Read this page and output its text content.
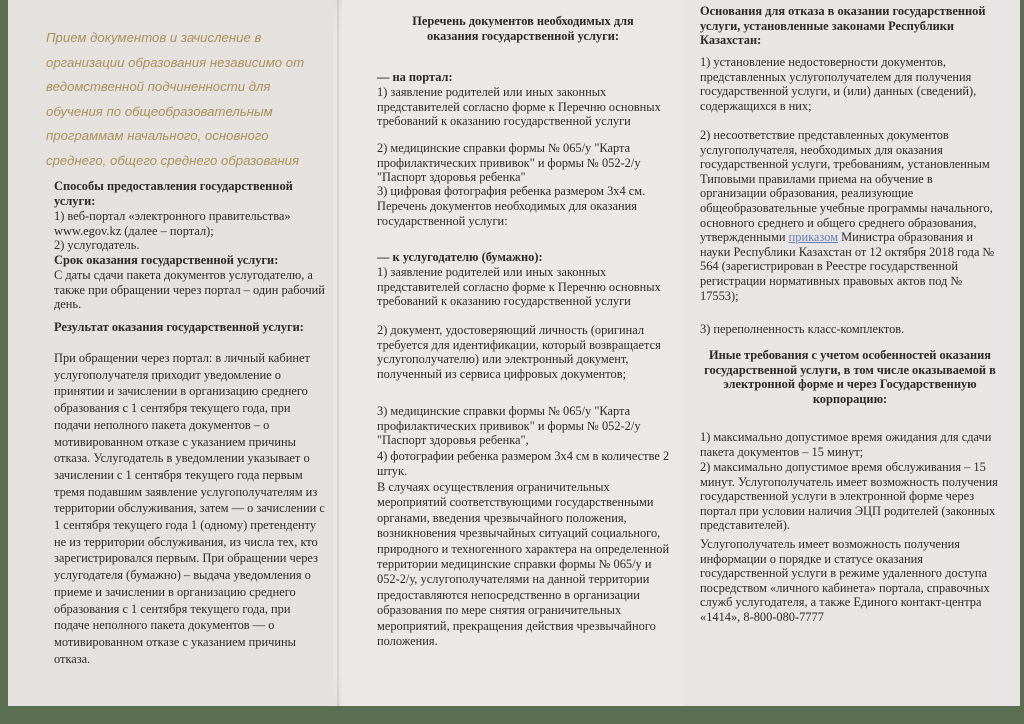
Прием документов и зачисление в организации образования независимо от ведомственной подчиненности для обучения по общеобразовательным программам начального, основного среднего, общего среднего образования
Способы предоставления государственной услуги:
1) веб-портал «электронного правительства» www.egov.kz (далее – портал);
2) услугодатель.
Срок оказания государственной услуги:
С даты сдачи пакета документов услугодателю, а также при обращении через портал – один рабочий день.
Результат оказания государственной услуги:
При обращении через портал: в личный кабинет услугополучателя приходит уведомление о принятии и зачислении в организацию среднего образования с 1 сентября текущего года, при подачи неполного пакета документов – о мотивированном отказе с указанием причины отказа. Услугодатель в уведомлении указывает о зачислении с 1 сентября текущего года первым тремя подавшим заявление услугополучателям из территории обслуживания, затем — о зачислении с 1 сентября текущего года 1 (одному) претенденту не из территории обслуживания, из числа тех, кто зарегистрировался первым. При обращении через услугодателя (бумажно) – выдача уведомления о приеме и зачислении в организацию среднего образования с 1 сентября текущего года, при подаче неполного пакета документов — о мотивированном отказе с указанием причины отказа.
Перечень документов необходимых для оказания государственной услуги:
— на портал:
1) заявление родителей или иных законных представителей согласно форме к Перечню основных требований к оказанию государственной услуги
2) медицинские справки формы № 065/у "Карта профилактических прививок" и формы № 052-2/у "Паспорт здоровья ребенка"
3) цифровая фотография ребенка размером 3x4 см.
Перечень документов необходимых для оказания государственной услуги:
— к услугодателю (бумажно):
1) заявление родителей или иных законных представителей согласно форме к Перечню основных требований к оказанию государственной услуги
2) документ, удостоверяющий личность (оригинал требуется для идентификации, который возвращается услугополучателю) или электронный документ, полученный из сервиса цифровых документов;
3) медицинские справки формы № 065/у "Карта профилактических прививок" и формы № 052-2/у "Паспорт здоровья ребенка",
4) фотографии ребенка размером 3x4 см в количестве 2 штук.
В случаях осуществления ограничительных мероприятий соответствующими государственными органами, введения чрезвычайного положения, возникновения чрезвычайных ситуаций социального, природного и техногенного характера на определенной территории медицинские справки формы № 065/у и 052-2/у, услугополучателями на данной территории предоставляются непосредственно в организации образования по мере снятия ограничительных мероприятий, прекращения действия чрезвычайного положения.
Основания для отказа в оказании государственной услуги, установленные законами Республики Казахстан:
1) установление недостоверности документов, представленных услугополучателем для получения государственной услуги, и (или) данных (сведений), содержащихся в них;
2) несоответствие представленных документов услугополучателя, необходимых для оказания государственной услуги, требованиям, установленным Типовыми правилами приема на обучение в организации образования, реализующие общеобразовательные учебные программы начального, основного среднего и общего среднего образования, утвержденными приказом Министра образования и науки Республики Казахстан от 12 октября 2018 года № 564 (зарегистрирован в Реестре государственной регистрации нормативных правовых актов под № 17553);
3) переполненность класс-комплектов.
Иные требования с учетом особенностей оказания государственной услуги, в том числе оказываемой в электронной форме и через Государственную корпорацию:
1) максимально допустимое время ожидания для сдачи пакета документов – 15 минут;
2) максимально допустимое время обслуживания – 15 минут. Услугополучатель имеет возможность получения государственной услуги в электронной форме через портал при условии наличия ЭЦП родителей (законных представителей).
Услугополучатель имеет возможность получения информации о порядке и статусе оказания государственной услуги в режиме удаленного доступа посредством «личного кабинета» портала, справочных служб услугодателя, а также Единого контакт-центра «1414», 8-800-080-7777
